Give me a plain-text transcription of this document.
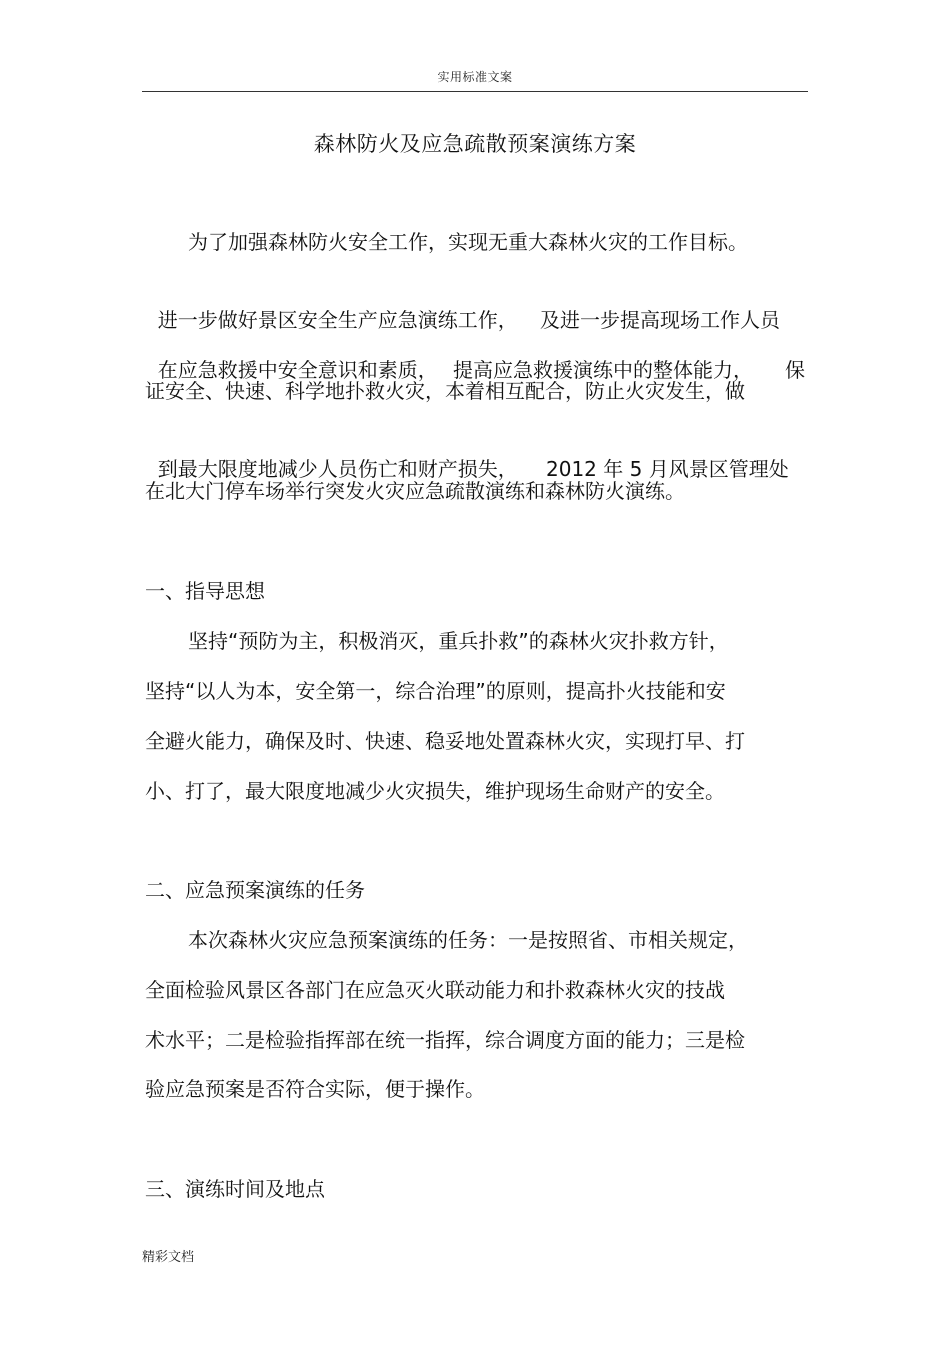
实用标准文案
森林防火及应急疏散预案演练方案
为了加强森林防火安全工作，实现无重大森林火灾的工作目标。

进一步做好景区安全生产应急演练工作， 及进一步提高现场工作人员

在应急救援中安全意识和素质， 提高应急救援演练中的整体能力， 保

证安全、快速、科学地扑救火灾，本着相互配合，防止火灾发生，做

到最大限度地减少人员伤亡和财产损失， 2012 年 5 月风景区管理处

在北大门停车场举行突发火灾应急疏散演练和森林防火演练。
一、指导思想
坚持“预防为主，积极消灭，重兵扑救”的森林火灾扑救方针，
坚持“以人为本，安全第一，综合治理”的原则，提高扑火技能和安
全避火能力，确保及时、快速、稳妥地处置森林火灾，实现打早、打
小、打了，最大限度地减少火灾损失，维护现场生命财产的安全。
二、应急预案演练的任务
本次森林火灾应急预案演练的任务：一是按照省、市相关规定，
全面检验风景区各部门在应急灭火联动能力和扑救森林火灾的技战
术水平；二是检验指挥部在统一指挥，综合调度方面的能力；三是检
验应急预案是否符合实际，便于操作。
三、演练时间及地点
精彩文档
